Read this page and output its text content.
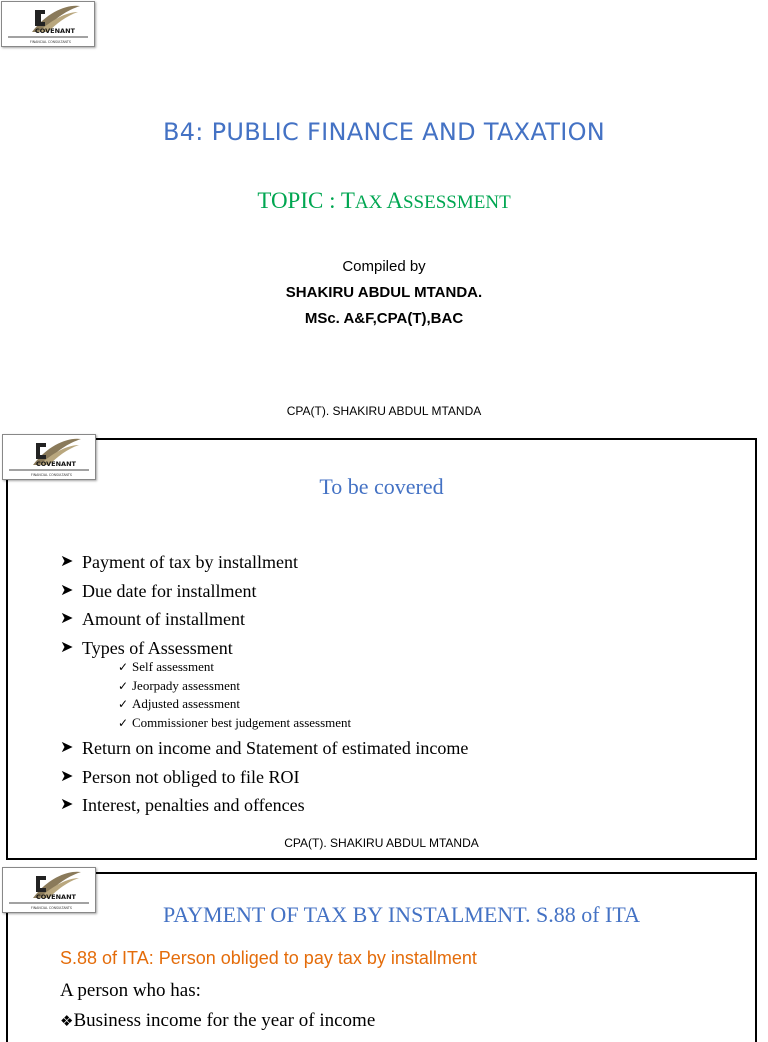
COVENANT
FINANCIAL CONSULTANTS
B4: PUBLIC FINANCE AND TAXATION
TOPIC : TAX ASSESSMENT
Compiled by
SHAKIRU ABDUL MTANDA.
MSc. A&F,CPA(T),BAC
CPA(T). SHAKIRU ABDUL MTANDA
To be covered
➤ Payment of tax by installment
➤ Due date for installment
➤ Amount of installment
➤ Types of Assessment
✓ Self assessment
✓ Jeorpady assessment
✓ Adjusted assessment
✓ Commissioner best judgement assessment
➤ Return on income and Statement of estimated income
➤ Person not obliged to file ROI
➤ Interest, penalties and offences
CPA(T). SHAKIRU ABDUL MTANDA
COVENANT
FINANCIAL CONSULTANTS
PAYMENT OF TAX BY INSTALMENT. S.88 of ITA
S.88 of ITA: Person obliged to pay tax by installment
A person who has:
❖Business income for the year of income
COVENANT
FINANCIAL CONSULTANTS
